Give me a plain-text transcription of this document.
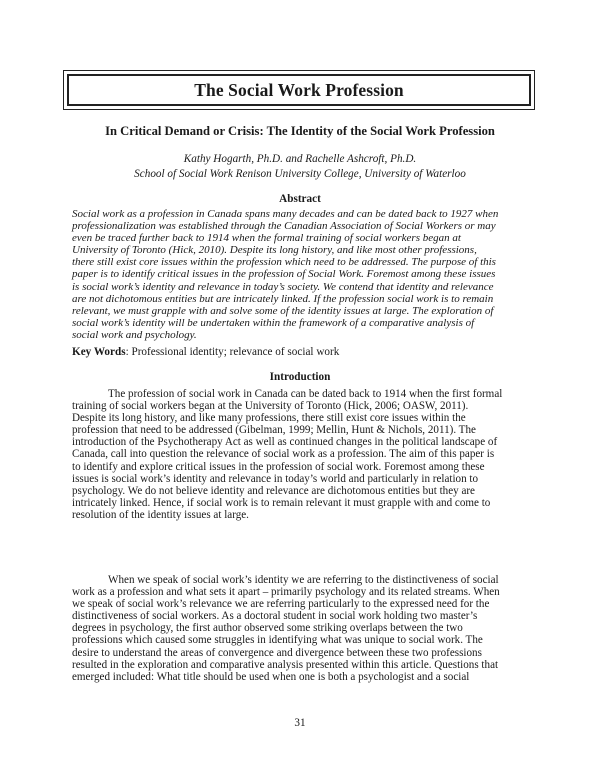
The Social Work Profession
In Critical Demand or Crisis: The Identity of the Social Work Profession
Kathy Hogarth, Ph.D. and Rachelle Ashcroft, Ph.D.
School of Social Work Renison University College, University of Waterloo
Abstract

Social work as a profession in Canada spans many decades and can be dated back to 1927 when
professionalization was established through the Canadian Association of Social Workers or may
even be traced further back to 1914 when the formal training of social workers began at
University of Toronto (Hick, 2010). Despite its long history, and like most other professions,
there still exist core issues within the profession which need to be addressed. The purpose of this
paper is to identify critical issues in the profession of Social Work. Foremost among these issues
is social work’s identity and relevance in today’s society. We contend that identity and relevance
are not dichotomous entities but are intricately linked. If the profession social work is to remain
relevant, we must grapple with and solve some of the identity issues at large. The exploration of
social work’s identity will be undertaken within the framework of a comparative analysis of
social work and psychology.

Key Words: Professional identity; relevance of social work
Introduction

The profession of social work in Canada can be dated back to 1914 when the first formal
training of social workers began at the University of Toronto (Hick, 2006; OASW, 2011).
Despite its long history, and like many professions, there still exist core issues within the
profession that need to be addressed (Gibelman, 1999; Mellin, Hunt & Nichols, 2011). The
introduction of the Psychotherapy Act as well as continued changes in the political landscape of
Canada, call into question the relevance of social work as a profession. The aim of this paper is
to identify and explore critical issues in the profession of social work. Foremost among these
issues is social work’s identity and relevance in today’s world and particularly in relation to
psychology. We do not believe identity and relevance are dichotomous entities but they are
intricately linked. Hence, if social work is to remain relevant it must grapple with and come to
resolution of the identity issues at large.

When we speak of social work’s identity we are referring to the distinctiveness of social
work as a profession and what sets it apart – primarily psychology and its related streams. When
we speak of social work’s relevance we are referring particularly to the expressed need for the
distinctiveness of social workers. As a doctoral student in social work holding two master’s
degrees in psychology, the first author observed some striking overlaps between the two
professions which caused some struggles in identifying what was unique to social work. The
desire to understand the areas of convergence and divergence between these two professions
resulted in the exploration and comparative analysis presented within this article. Questions that
emerged included: What title should be used when one is both a psychologist and a social

31
